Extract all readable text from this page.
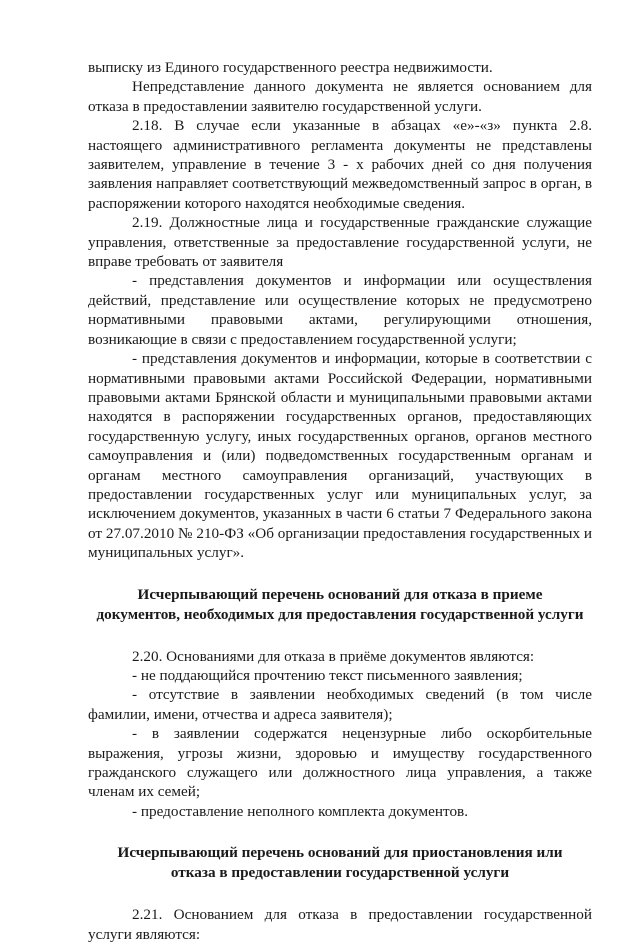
выписку из Единого государственного реестра недвижимости.

Непредставление данного документа не является основанием для отказа в предоставлении заявителю государственной услуги.

2.18. В случае если указанные в абзацах «е»-«з» пункта 2.8. настоящего административного регламента документы не представлены заявителем, управление в течение 3 - х рабочих дней со дня получения заявления направляет соответствующий межведомственный запрос в орган, в распоряжении которого находятся необходимые сведения.

2.19. Должностные лица и государственные гражданские служащие управления, ответственные за предоставление государственной услуги, не вправе требовать от заявителя

- представления документов и информации или осуществления действий, представление или осуществление которых не предусмотрено нормативными правовыми актами, регулирующими отношения, возникающие в связи с предоставлением государственной услуги;

- представления документов и информации, которые в соответствии с нормативными правовыми актами Российской Федерации, нормативными правовыми актами Брянской области и муниципальными правовыми актами находятся в распоряжении государственных органов, предоставляющих государственную услугу, иных государственных органов, органов местного самоуправления и (или) подведомственных государственным органам и органам местного самоуправления организаций, участвующих в предоставлении государственных услуг или муниципальных услуг, за исключением документов, указанных в части 6 статьи 7 Федерального закона от 27.07.2010 № 210-ФЗ «Об организации предоставления государственных и муниципальных услуг».

Исчерпывающий перечень оснований для отказа в приеме
документов, необходимых для предоставления государственной услуги

2.20. Основаниями для отказа в приёме документов являются:

- не поддающийся прочтению текст письменного заявления;

- отсутствие в заявлении необходимых сведений (в том числе фамилии, имени, отчества и адреса заявителя);

- в заявлении содержатся нецензурные либо оскорбительные выражения, угрозы жизни, здоровью и имуществу государственного гражданского служащего или должностного лица управления, а также членам их семей;

- предоставление неполного комплекта документов.

Исчерпывающий перечень оснований для приостановления или
отказа в предоставлении государственной услуги

2.21. Основанием для отказа в предоставлении государственной услуги являются:
